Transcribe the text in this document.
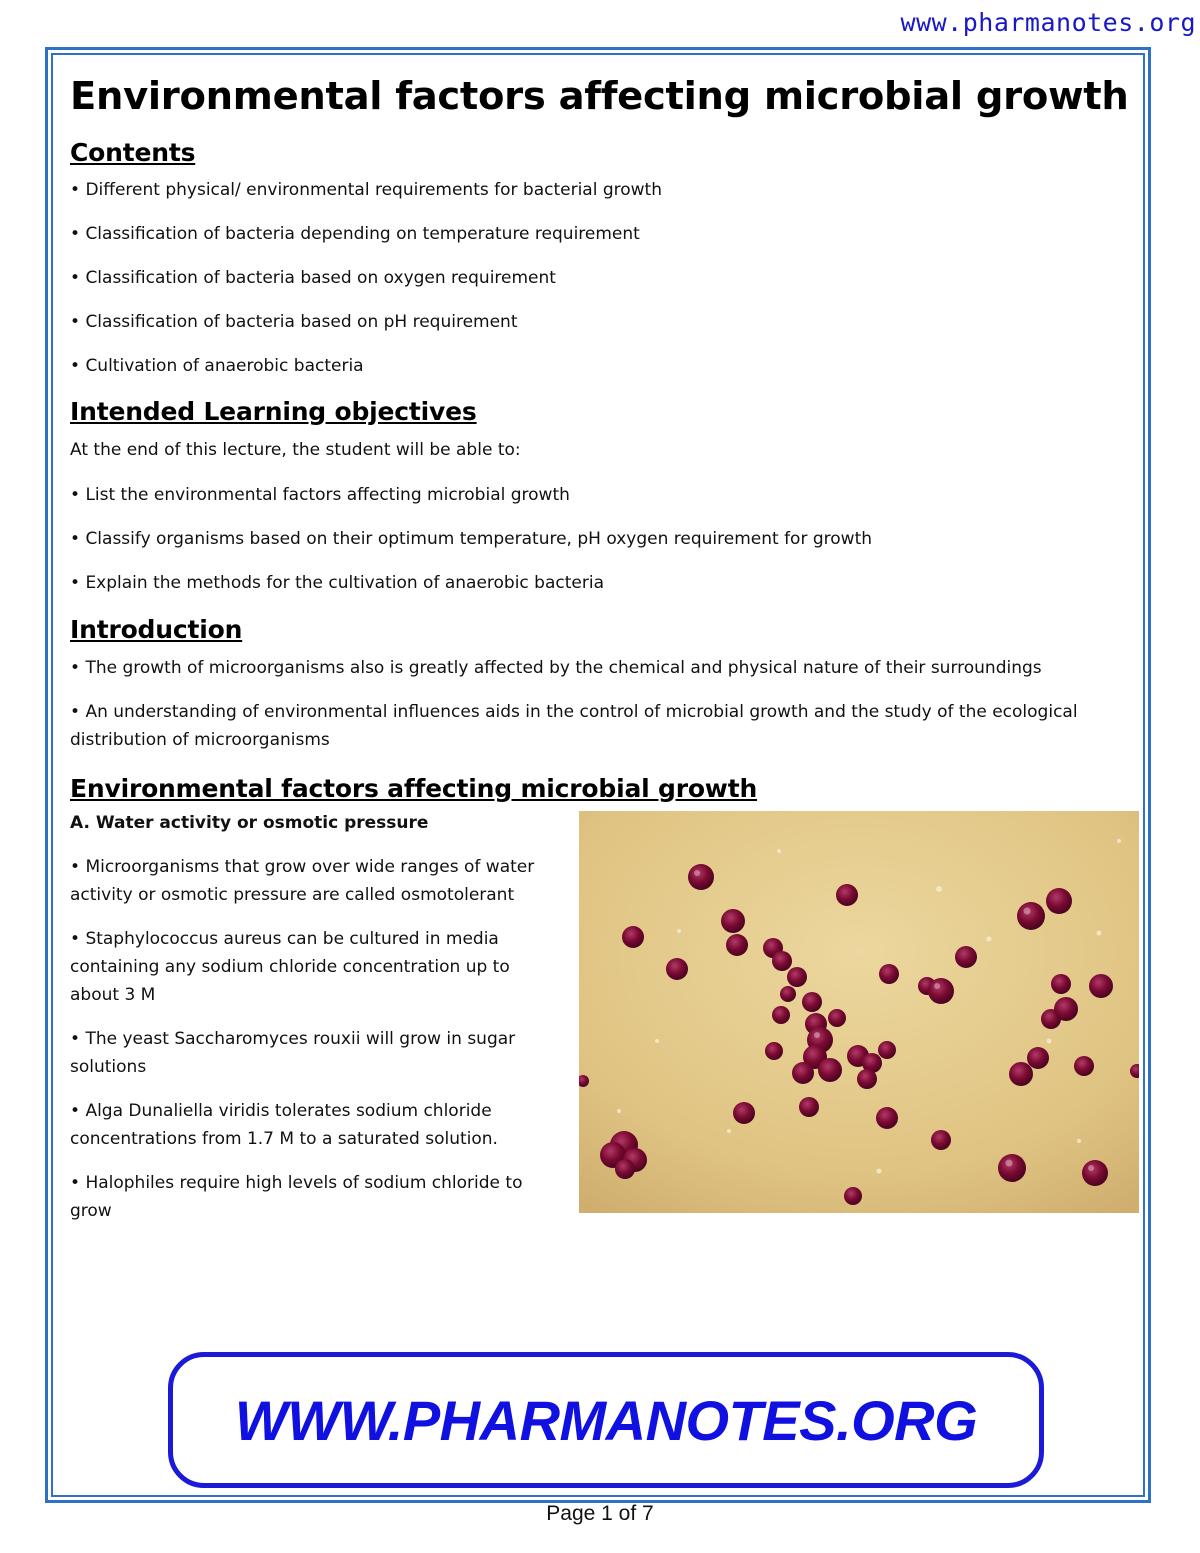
www.pharmanotes.org
Environmental factors affecting microbial growth
Contents

• Different physical/ environmental requirements for bacterial growth

• Classification of bacteria depending on temperature requirement

• Classification of bacteria based on oxygen requirement

• Classification of bacteria based on pH requirement

• Cultivation of anaerobic bacteria

Intended Learning objectives

At the end of this lecture, the student will be able to:

• List the environmental factors affecting microbial growth

• Classify organisms based on their optimum temperature, pH oxygen requirement for growth

• Explain the methods for the cultivation of anaerobic bacteria

Introduction

• The growth of microorganisms also is greatly affected by the chemical and physical nature of their surroundings

• An understanding of environmental influences aids in the control of microbial growth and the study of the ecological distribution of microorganisms

Environmental factors affecting microbial growth

A. Water activity or osmotic pressure

• Microorganisms that grow over wide ranges of water activity or osmotic pressure are called osmotolerant

• Staphylococcus aureus can be cultured in media containing any sodium chloride concentration up to about 3 M

• The yeast Saccharomyces rouxii will grow in sugar solutions

• Alga Dunaliella viridis tolerates sodium chloride concentrations from 1.7 M to a saturated solution.

• Halophiles require high levels of sodium chloride to grow

WWW.PHARMANOTES.ORG
Page 1 of 7
